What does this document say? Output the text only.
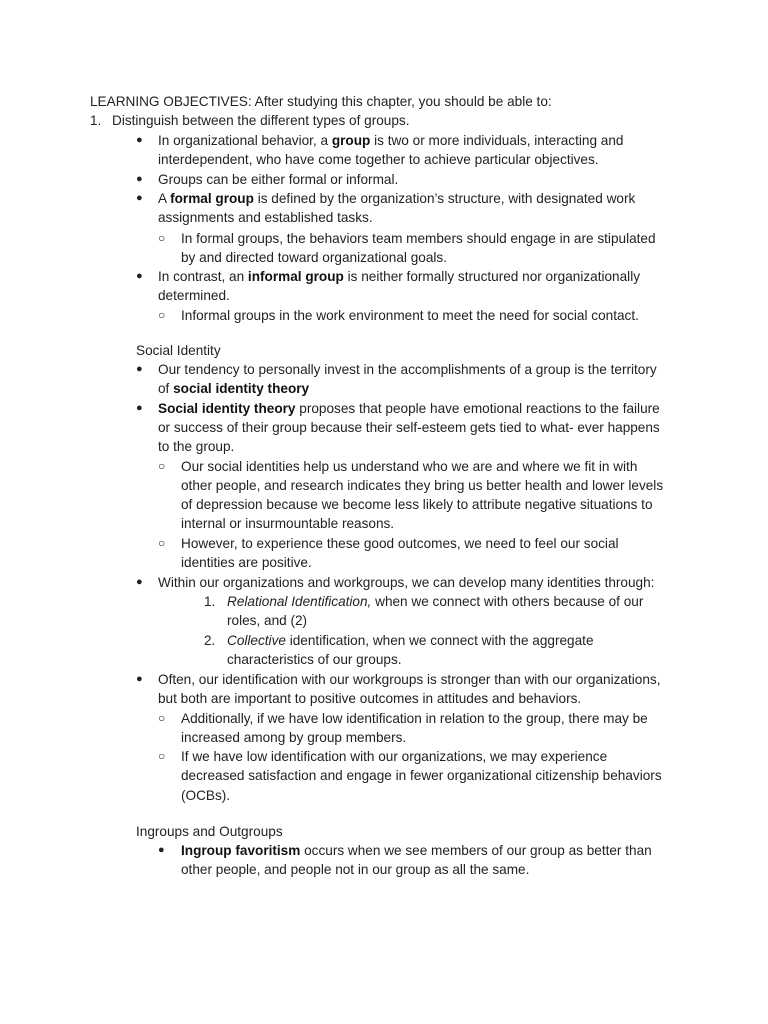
LEARNING OBJECTIVES: After studying this chapter, you should be able to:
1. Distinguish between the different types of groups.
● In organizational behavior, a group is two or more individuals, interacting and
interdependent, who have come together to achieve particular objectives.
● Groups can be either formal or informal.
● A formal group is defined by the organization’s structure, with designated work
assignments and established tasks.
○ In formal groups, the behaviors team members should engage in are stipulated
by and directed toward organizational goals.
● In contrast, an informal group is neither formally structured nor organizationally
determined.
○ Informal groups in the work environment to meet the need for social contact.
Social Identity
● Our tendency to personally invest in the accomplishments of a group is the territory
of social identity theory
● Social identity theory proposes that people have emotional reactions to the failure
or success of their group because their self-esteem gets tied to what- ever happens
to the group.
○ Our social identities help us understand who we are and where we fit in with
other people, and research indicates they bring us better health and lower levels
of depression because we become less likely to attribute negative situations to
internal or insurmountable reasons.
○ However, to experience these good outcomes, we need to feel our social
identities are positive.
● Within our organizations and workgroups, we can develop many identities through:
1. Relational Identification, when we connect with others because of our
roles, and (2)
2. Collective identification, when we connect with the aggregate
characteristics of our groups.
● Often, our identification with our workgroups is stronger than with our organizations,
but both are important to positive outcomes in attitudes and behaviors.
○ Additionally, if we have low identification in relation to the group, there may be
increased among by group members.
○ If we have low identification with our organizations, we may experience
decreased satisfaction and engage in fewer organizational citizenship behaviors
(OCBs).
Ingroups and Outgroups
● Ingroup favoritism occurs when we see members of our group as better than
other people, and people not in our group as all the same.
